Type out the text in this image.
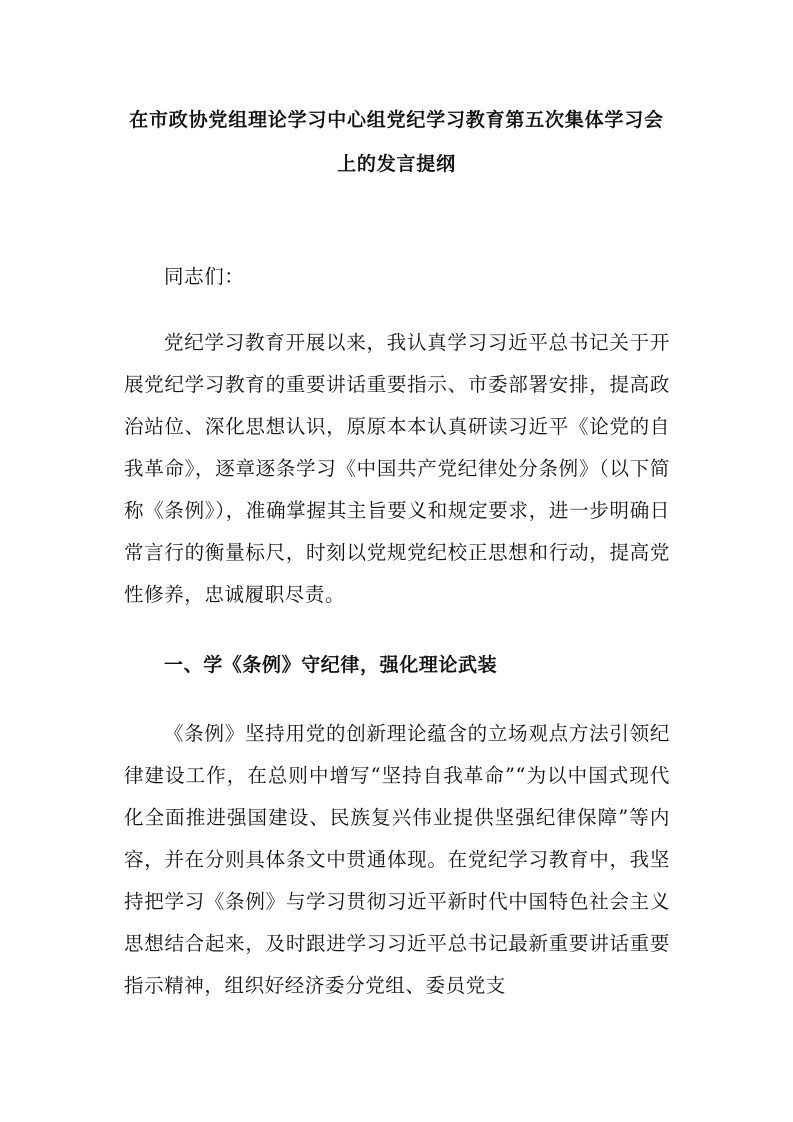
在市政协党组理论学习中心组党纪学习教育第五次集体学习会上的发言提纲
同志们：
党纪学习教育开展以来，我认真学习习近平总书记关于开展党纪学习教育的重要讲话重要指示、市委部署安排，提高政治站位、深化思想认识，原原本本认真研读习近平《论党的自我革命》，逐章逐条学习《中国共产党纪律处分条例》（以下简称《条例》），准确掌握其主旨要义和规定要求，进一步明确日常言行的衡量标尺，时刻以党规党纪校正思想和行动，提高党性修养，忠诚履职尽责。
一、学《条例》守纪律，强化理论武装
《条例》坚持用党的创新理论蕴含的立场观点方法引领纪律建设工作，在总则中增写“坚持自我革命”“为以中国式现代化全面推进强国建设、民族复兴伟业提供坚强纪律保障”等内容，并在分则具体条文中贯通体现。在党纪学习教育中，我坚持把学习《条例》与学习贯彻习近平新时代中国特色社会主义思想结合起来，及时跟进学习习近平总书记最新重要讲话重要指示精神，组织好经济委分党组、委员党支
